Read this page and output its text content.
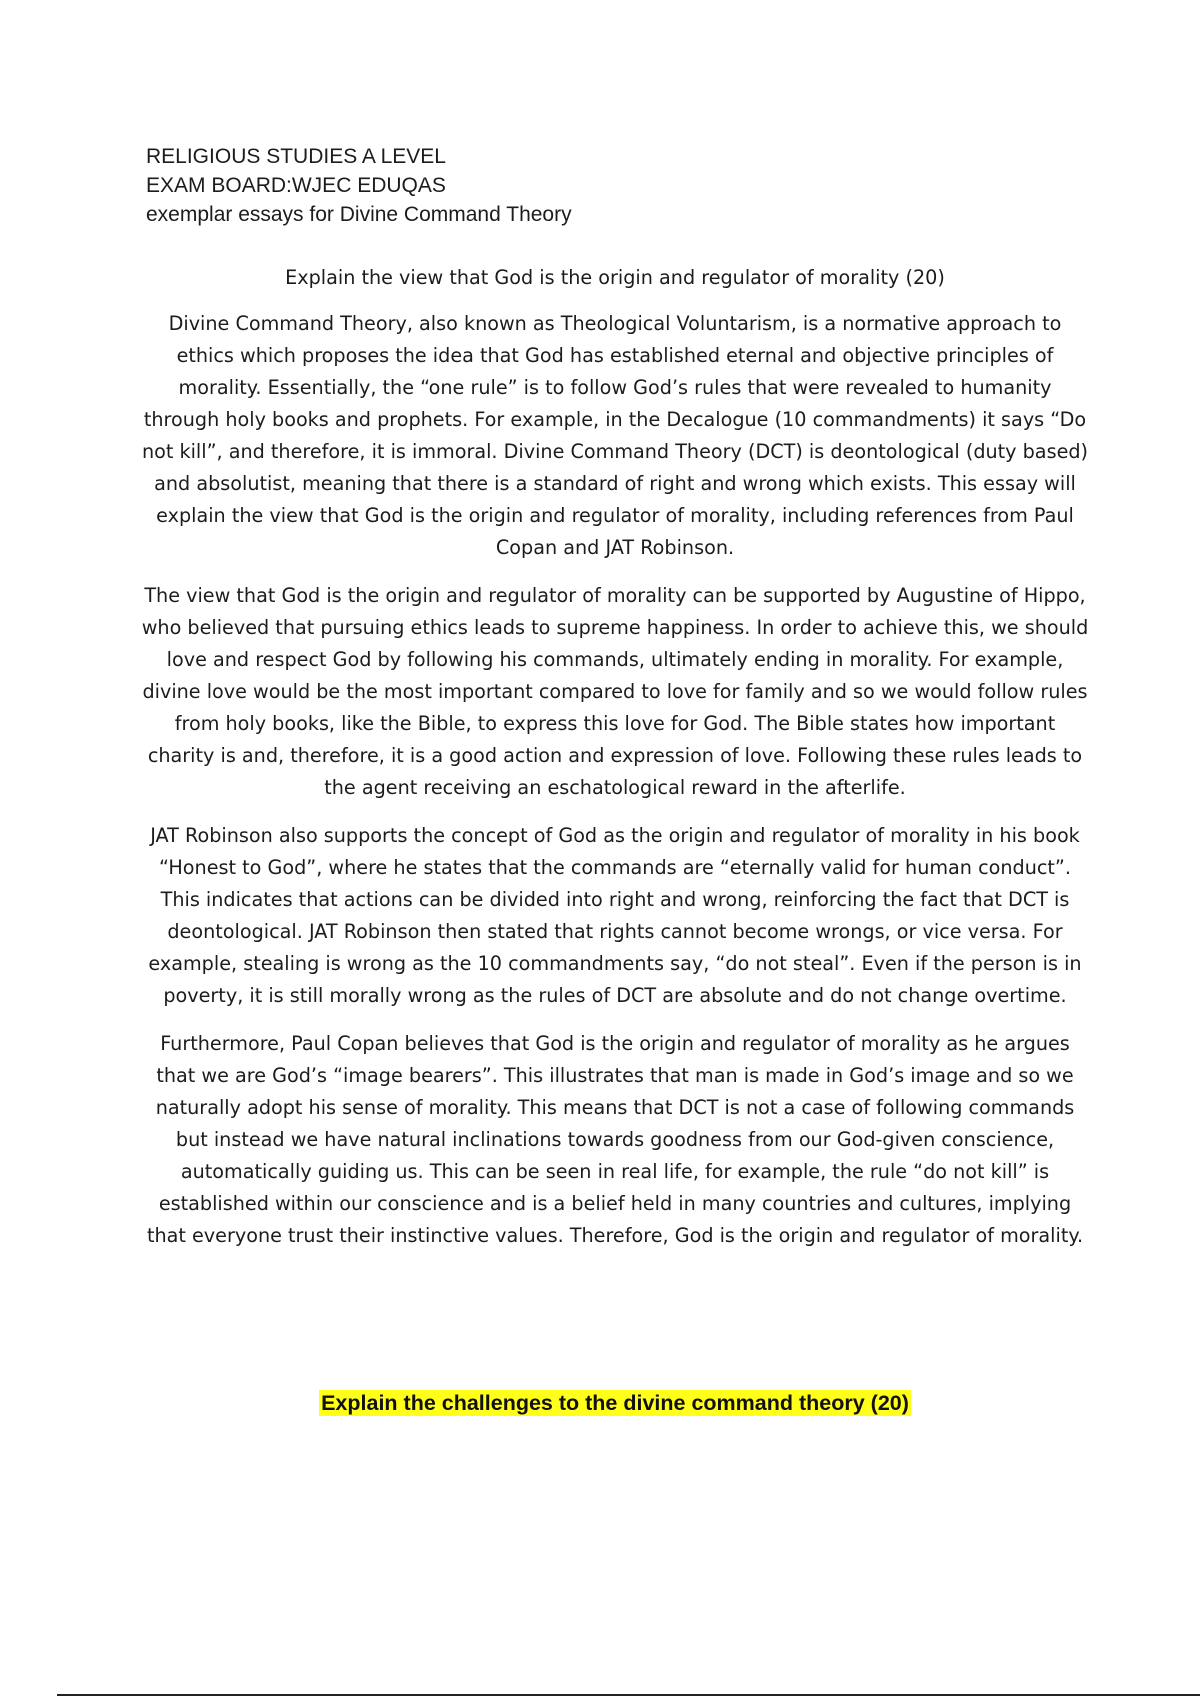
RELIGIOUS STUDIES A LEVEL
EXAM BOARD:WJEC EDUQAS
exemplar essays for Divine Command Theory
Explain the view that God is the origin and regulator of morality (20)

Divine Command Theory, also known as Theological Voluntarism, is a normative approach to ethics which proposes the idea that God has established eternal and objective principles of morality. Essentially, the “one rule” is to follow God’s rules that were revealed to humanity through holy books and prophets. For example, in the Decalogue (10 commandments) it says “Do not kill”, and therefore, it is immoral. Divine Command Theory (DCT) is deontological (duty based) and absolutist, meaning that there is a standard of right and wrong which exists. This essay will explain the view that God is the origin and regulator of morality, including references from Paul Copan and JAT Robinson.

The view that God is the origin and regulator of morality can be supported by Augustine of Hippo, who believed that pursuing ethics leads to supreme happiness. In order to achieve this, we should love and respect God by following his commands, ultimately ending in morality. For example, divine love would be the most important compared to love for family and so we would follow rules from holy books, like the Bible, to express this love for God. The Bible states how important charity is and, therefore, it is a good action and expression of love. Following these rules leads to the agent receiving an eschatological reward in the afterlife.

JAT Robinson also supports the concept of God as the origin and regulator of morality in his book “Honest to God”, where he states that the commands are “eternally valid for human conduct”. This indicates that actions can be divided into right and wrong, reinforcing the fact that DCT is deontological. JAT Robinson then stated that rights cannot become wrongs, or vice versa. For example, stealing is wrong as the 10 commandments say, “do not steal”. Even if the person is in poverty, it is still morally wrong as the rules of DCT are absolute and do not change overtime.

Furthermore, Paul Copan believes that God is the origin and regulator of morality as he argues that we are God’s “image bearers”. This illustrates that man is made in God’s image and so we naturally adopt his sense of morality. This means that DCT is not a case of following commands but instead we have natural inclinations towards goodness from our God-given conscience, automatically guiding us. This can be seen in real life, for example, the rule “do not kill” is established within our conscience and is a belief held in many countries and cultures, implying that everyone trust their instinctive values. Therefore, God is the origin and regulator of morality.

Explain the challenges to the divine command theory (20)
